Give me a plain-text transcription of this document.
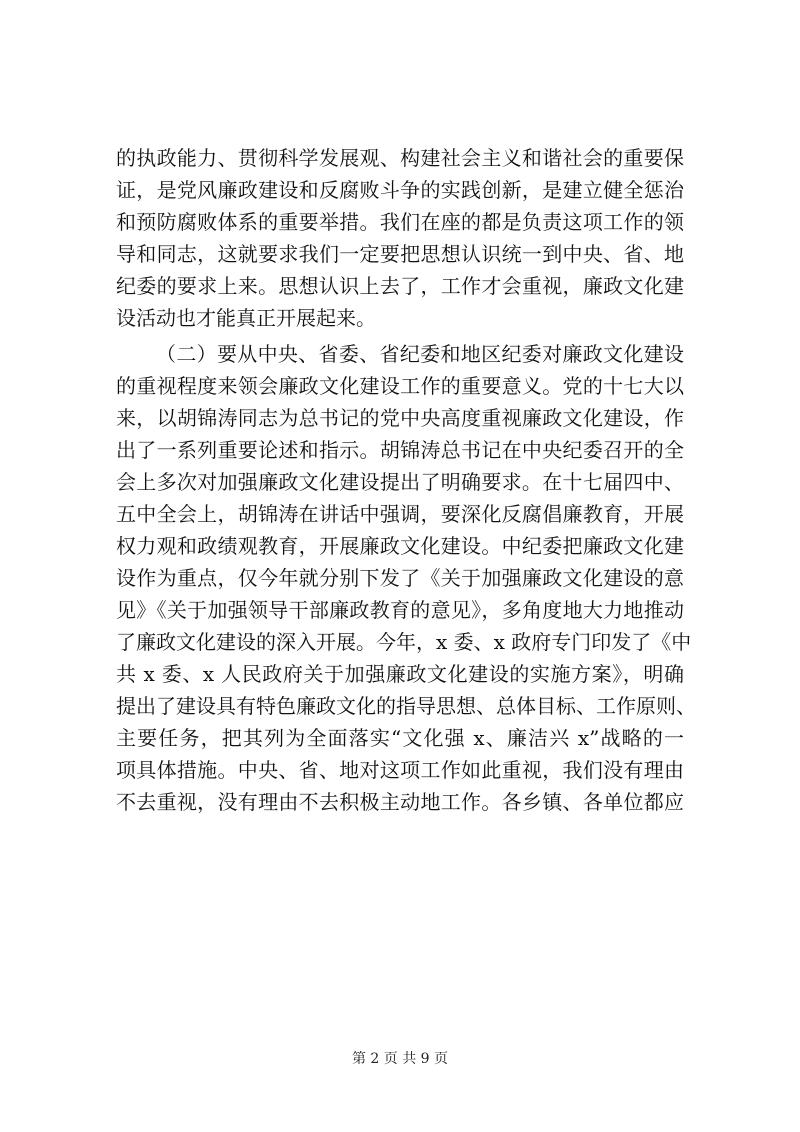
的执政能力、贯彻科学发展观、构建社会主义和谐社会的重要保
证，是党风廉政建设和反腐败斗争的实践创新，是建立健全惩治
和预防腐败体系的重要举措。我们在座的都是负责这项工作的领
导和同志，这就要求我们一定要把思想认识统一到中央、省、地
纪委的要求上来。思想认识上去了，工作才会重视，廉政文化建
设活动也才能真正开展起来。
（二）要从中央、省委、省纪委和地区纪委对廉政文化建设
的重视程度来领会廉政文化建设工作的重要意义。党的十七大以
来，以胡锦涛同志为总书记的党中央高度重视廉政文化建设，作
出了一系列重要论述和指示。胡锦涛总书记在中央纪委召开的全
会上多次对加强廉政文化建设提出了明确要求。在十七届四中、
五中全会上，胡锦涛在讲话中强调，要深化反腐倡廉教育，开展
权力观和政绩观教育，开展廉政文化建设。中纪委把廉政文化建
设作为重点，仅今年就分别下发了《关于加强廉政文化建设的意
见》《关于加强领导干部廉政教育的意见》，多角度地大力地推动
了廉政文化建设的深入开展。今年，x 委、x 政府专门印发了《中
共 x 委、x 人民政府关于加强廉政文化建设的实施方案》，明确
提出了建设具有特色廉政文化的指导思想、总体目标、工作原则、
主要任务，把其列为全面落实“文化强 x、廉洁兴 x”战略的一
项具体措施。中央、省、地对这项工作如此重视，我们没有理由
不去重视，没有理由不去积极主动地工作。各乡镇、各单位都应
第 2 页 共 9 页
